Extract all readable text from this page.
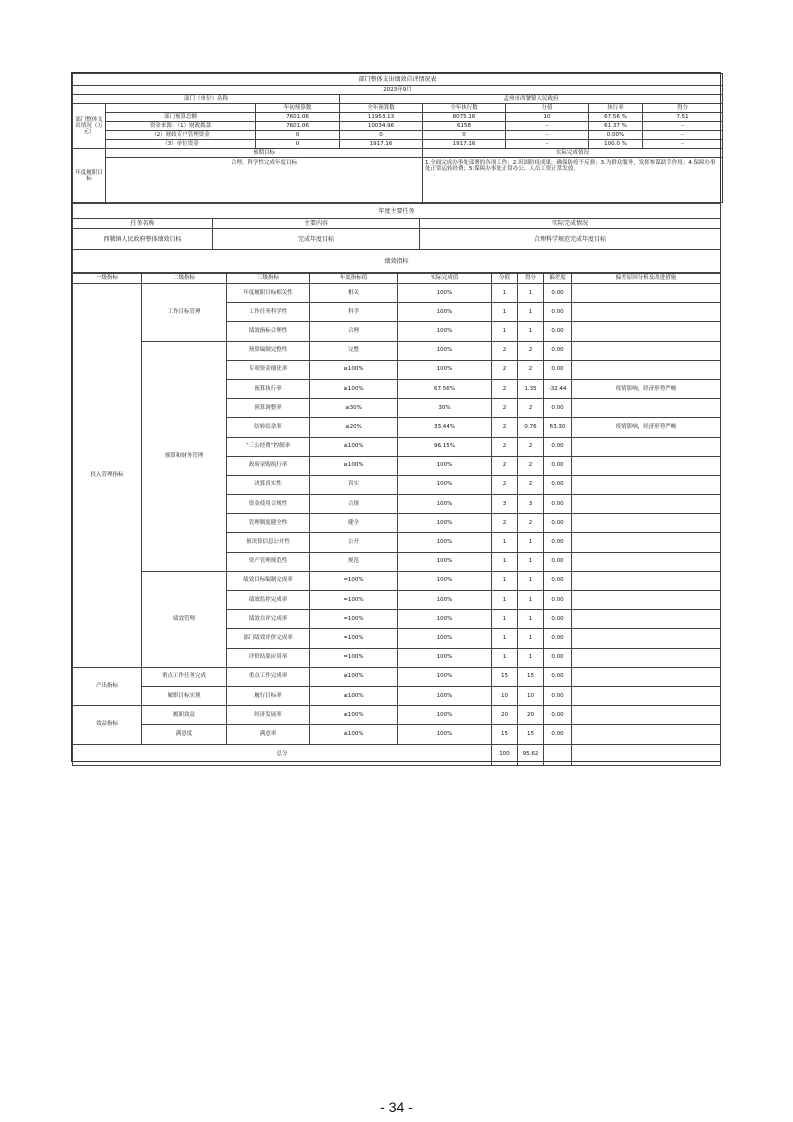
部门整体支出绩效自评情况表							
2023年9月							
部门（单位）名称			孟州市西虢镇人民政府				
部门整体支出情况（万元）		年初预算数	全年预算数	全年执行数	分值	执行率	得分
	部门预算总额	7601.06	11953.13	8075.16	10	67.56 %	7.51
	资金来源：（1）财政拨款	7601.06	10034.96	6158	–	61.37 %	–
	（2）财政专户管理资金	0	0	0	–	0.00%	–
	（3）单位资金	0	1917.16	1917.16	–	100.0 %	–
年度履职目标	预期目标			实际完成情况			
	合理、科学性完成年度目标			1.全面完成办事处部署的各项工作；2.巩固防疫成果，确保防疫不反弹；3.为群众服务，发挥参谋助手作用；4.保障办事处正常运转经费；5.保障办事处正常办公、人员工资正常发放。			
年度主要任务		
任务名称	主要内容	实际完成情况
西虢镇人民政府整体绩效目标	完成年度目标	合理科学规范完成年度目标
绩效指标		
一级指标	二级指标	三级指标	年度指标值	实际完成值	分值	得分	偏差度	偏差原因分析及改进措施
投入管理指标	工作目标管理	年度履职目标相关性	相关	100%	1	1	0.00	
		工作任务科学性	科学	100%	1	1	0.00	
		绩效指标合理性	合理	100%	1	1	0.00	
	预算和财务管理	预算编制完整性	完整	100%	2	2	0.00	
		专项资金细化率	≥100%	100%	2	2	0.00	
		预算执行率	≥100%	67.56%	2	1.35	-32.44	疫情影响，经济形势严峻
		预算调整率	≤30%	30%	2	2	0.00	
		结转结余率	≤20%	33.44%	2	0.76	63.30	疫情影响，经济形势严峻
		“三公经费”控制率	≤100%	96.15%	2	2	0.00	
		政府采购执行率	≥100%	100%	2	2	0.00	
		决算真实性	真实	100%	2	2	0.00	
		资金使用合规性	合规	100%	3	3	0.00	
		管理制度健全性	健全	100%	2	2	0.00	
		预决算信息公开性	公开	100%	1	1	0.00	
		资产管理规范性	规范	100%	1	1	0.00	
	绩效管理	绩效目标编制完成率	=100%	100%	1	1	0.00	
		绩效监控完成率	=100%	100%	1	1	0.00	
		绩效自评完成率	=100%	100%	1	1	0.00	
		部门绩效评价完成率	=100%	100%	1	1	0.00	
		评价结果应用率	=100%	100%	1	1	0.00	
产出指标	重点工作任务完成	重点工作完成率	≤100%	100%	15	15	0.00	
	履职目标实现	履行目标率	≤100%	100%	10	10	0.00	
效益指标	履职效益	经济发展率	≤100%	100%	20	20	0.00	
	满意度	满意率	≤100%	100%	15	15	0.00	
总分					100	95.62		
- 34 -
